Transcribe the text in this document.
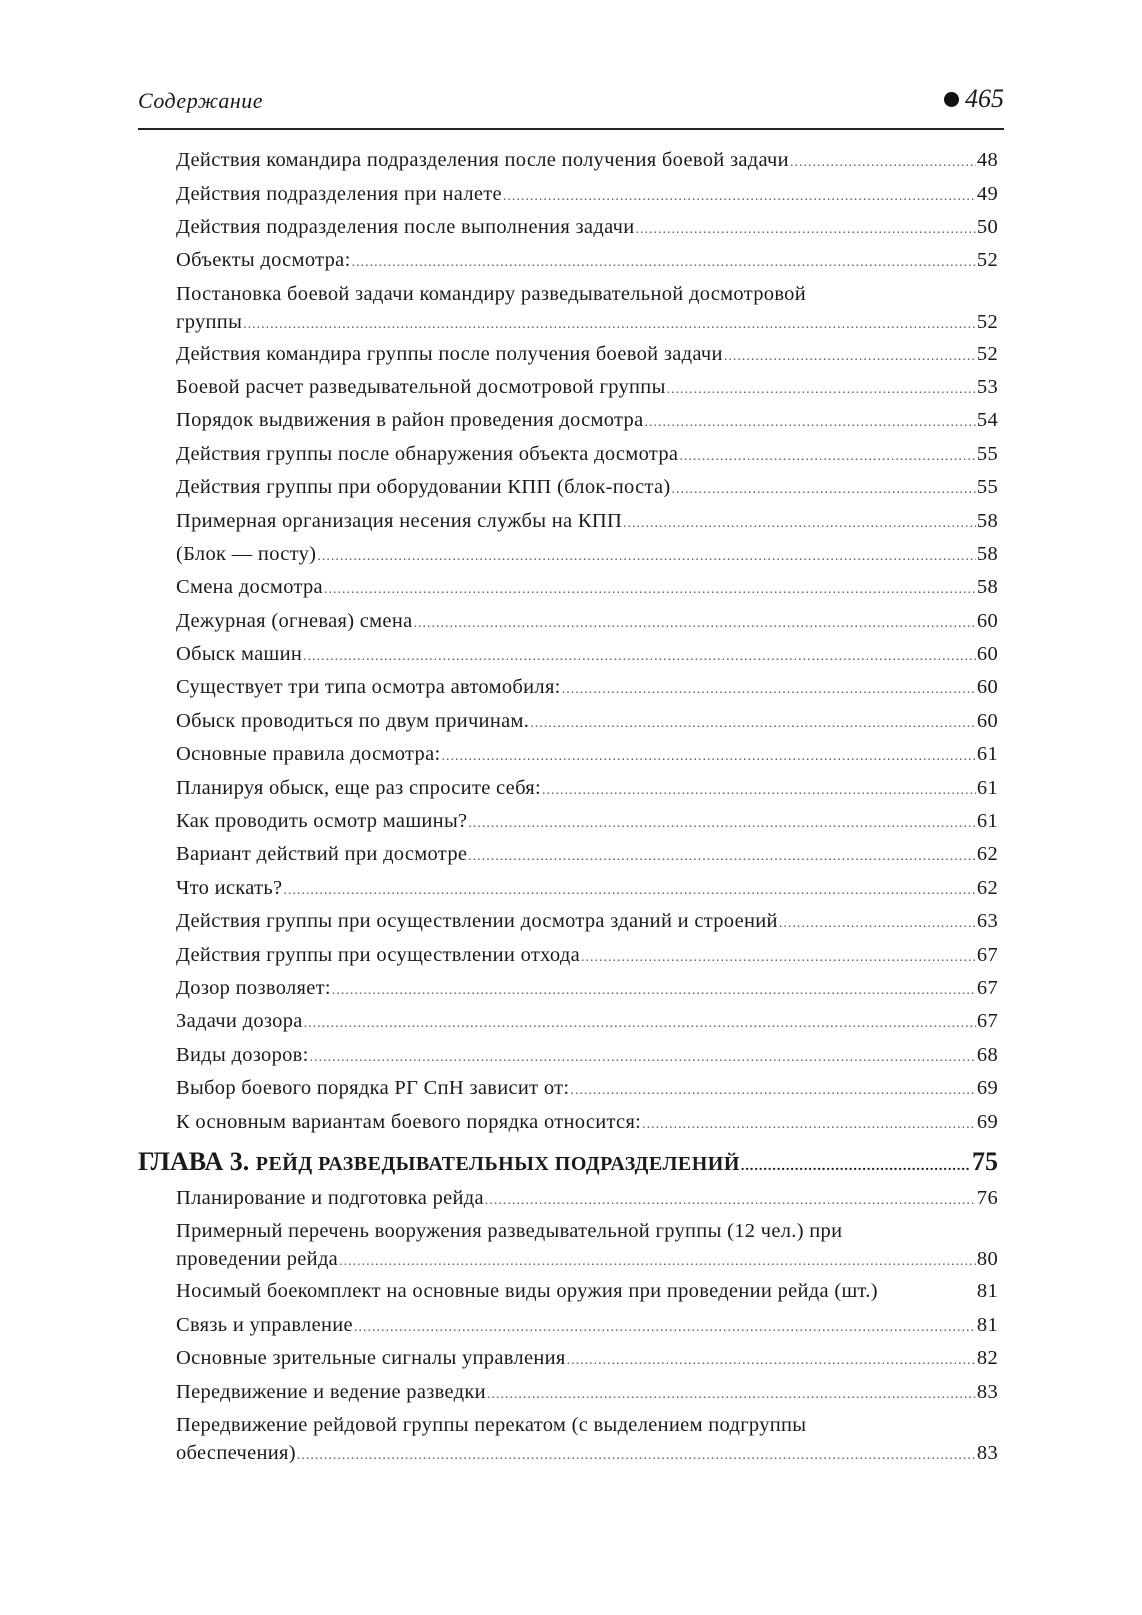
Содержание	465
Действия командира подразделения после получения боевой задачи .....	48
Действия подразделения при налете .....	49
Действия подразделения после выполнения задачи .....	50
Объекты досмотра: .....	52
Постановка боевой задачи командиру разведывательной досмотровой
группы .....	52
Действия командира группы после получения боевой задачи .....	52
Боевой расчет разведывательной досмотровой группы .....	53
Порядок выдвижения в район проведения досмотра .....	54
Действия группы после обнаружения объекта досмотра .....	55
Действия группы при оборудовании КПП (блок-поста) .....	55
Примерная организация несения службы на КПП .....	58
(Блок — посту) .....	58
Смена досмотра .....	58
Дежурная (огневая) смена .....	60
Обыск машин .....	60
Существует три типа осмотра автомобиля: .....	60
Обыск проводиться по двум причинам. .....	60
Основные правила досмотра: .....	61
Планируя обыск, еще раз спросите себя: .....	61
Как проводить осмотр машины? .....	61
Вариант действий при досмотре .....	62
Что искать? .....	62
Действия группы при осуществлении досмотра зданий и строений .....	63
Действия группы при осуществлении отхода .....	67
Дозор позволяет: .....	67
Задачи дозора .....	67
Виды дозоров: .....	68
Выбор боевого порядка РГ СпН зависит от: .....	69
К основным вариантам боевого порядка относится: .....	69
ГЛАВА 3. РЕЙД РАЗВЕДЫВАТЕЛЬНЫХ ПОДРАЗДЕЛЕНИЙ .....	75
Планирование и подготовка рейда .....	76
Примерный перечень вооружения разведывательной группы (12 чел.) при
проведении рейда .....	80
Носимый боекомплект на основные виды оружия при проведении рейда (шт.)	81
Связь и управление .....	81
Основные зрительные сигналы управления .....	82
Передвижение и ведение разведки .....	83
Передвижение рейдовой группы перекатом (с выделением подгруппы
обеспечения) .....	83
